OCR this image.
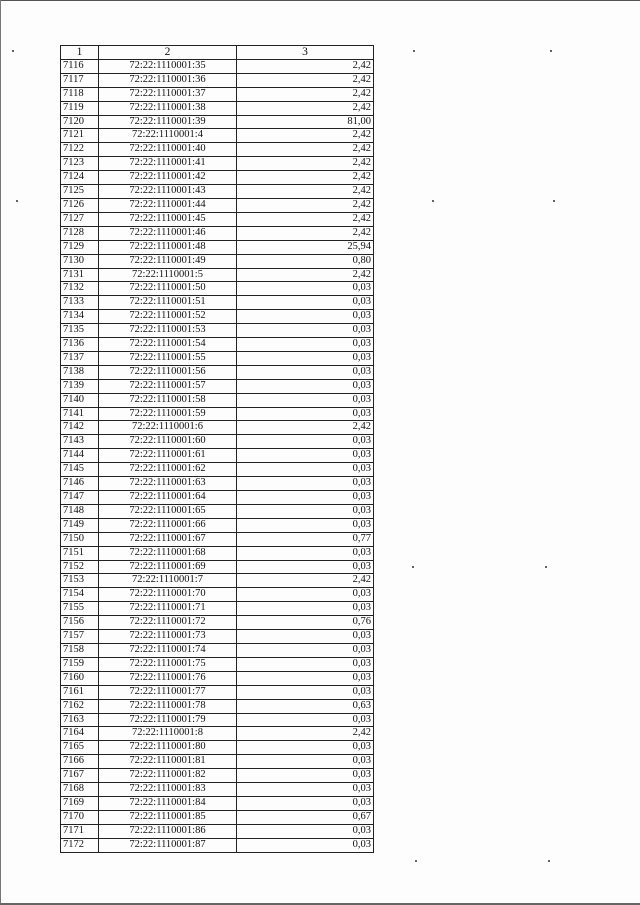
1	2	3
7116	72:22:1110001:35	2,42
7117	72:22:1110001:36	2,42
7118	72:22:1110001:37	2,42
7119	72:22:1110001:38	2,42
7120	72:22:1110001:39	81,00
7121	72:22:1110001:4	2,42
7122	72:22:1110001:40	2,42
7123	72:22:1110001:41	2,42
7124	72:22:1110001:42	2,42
7125	72:22:1110001:43	2,42
7126	72:22:1110001:44	2,42
7127	72:22:1110001:45	2,42
7128	72:22:1110001:46	2,42
7129	72:22:1110001:48	25,94
7130	72:22:1110001:49	0,80
7131	72:22:1110001:5	2,42
7132	72:22:1110001:50	0,03
7133	72:22:1110001:51	0,03
7134	72:22:1110001:52	0,03
7135	72:22:1110001:53	0,03
7136	72:22:1110001:54	0,03
7137	72:22:1110001:55	0,03
7138	72:22:1110001:56	0,03
7139	72:22:1110001:57	0,03
7140	72:22:1110001:58	0,03
7141	72:22:1110001:59	0,03
7142	72:22:1110001:6	2,42
7143	72:22:1110001:60	0,03
7144	72:22:1110001:61	0,03
7145	72:22:1110001:62	0,03
7146	72:22:1110001:63	0,03
7147	72:22:1110001:64	0,03
7148	72:22:1110001:65	0,03
7149	72:22:1110001:66	0,03
7150	72:22:1110001:67	0,77
7151	72:22:1110001:68	0,03
7152	72:22:1110001:69	0,03
7153	72:22:1110001:7	2,42
7154	72:22:1110001:70	0,03
7155	72:22:1110001:71	0,03
7156	72:22:1110001:72	0,76
7157	72:22:1110001:73	0,03
7158	72:22:1110001:74	0,03
7159	72:22:1110001:75	0,03
7160	72:22:1110001:76	0,03
7161	72:22:1110001:77	0,03
7162	72:22:1110001:78	0,63
7163	72:22:1110001:79	0,03
7164	72:22:1110001:8	2,42
7165	72:22:1110001:80	0,03
7166	72:22:1110001:81	0,03
7167	72:22:1110001:82	0,03
7168	72:22:1110001:83	0,03
7169	72:22:1110001:84	0,03
7170	72:22:1110001:85	0,67
7171	72:22:1110001:86	0,03
7172	72:22:1110001:87	0,03
